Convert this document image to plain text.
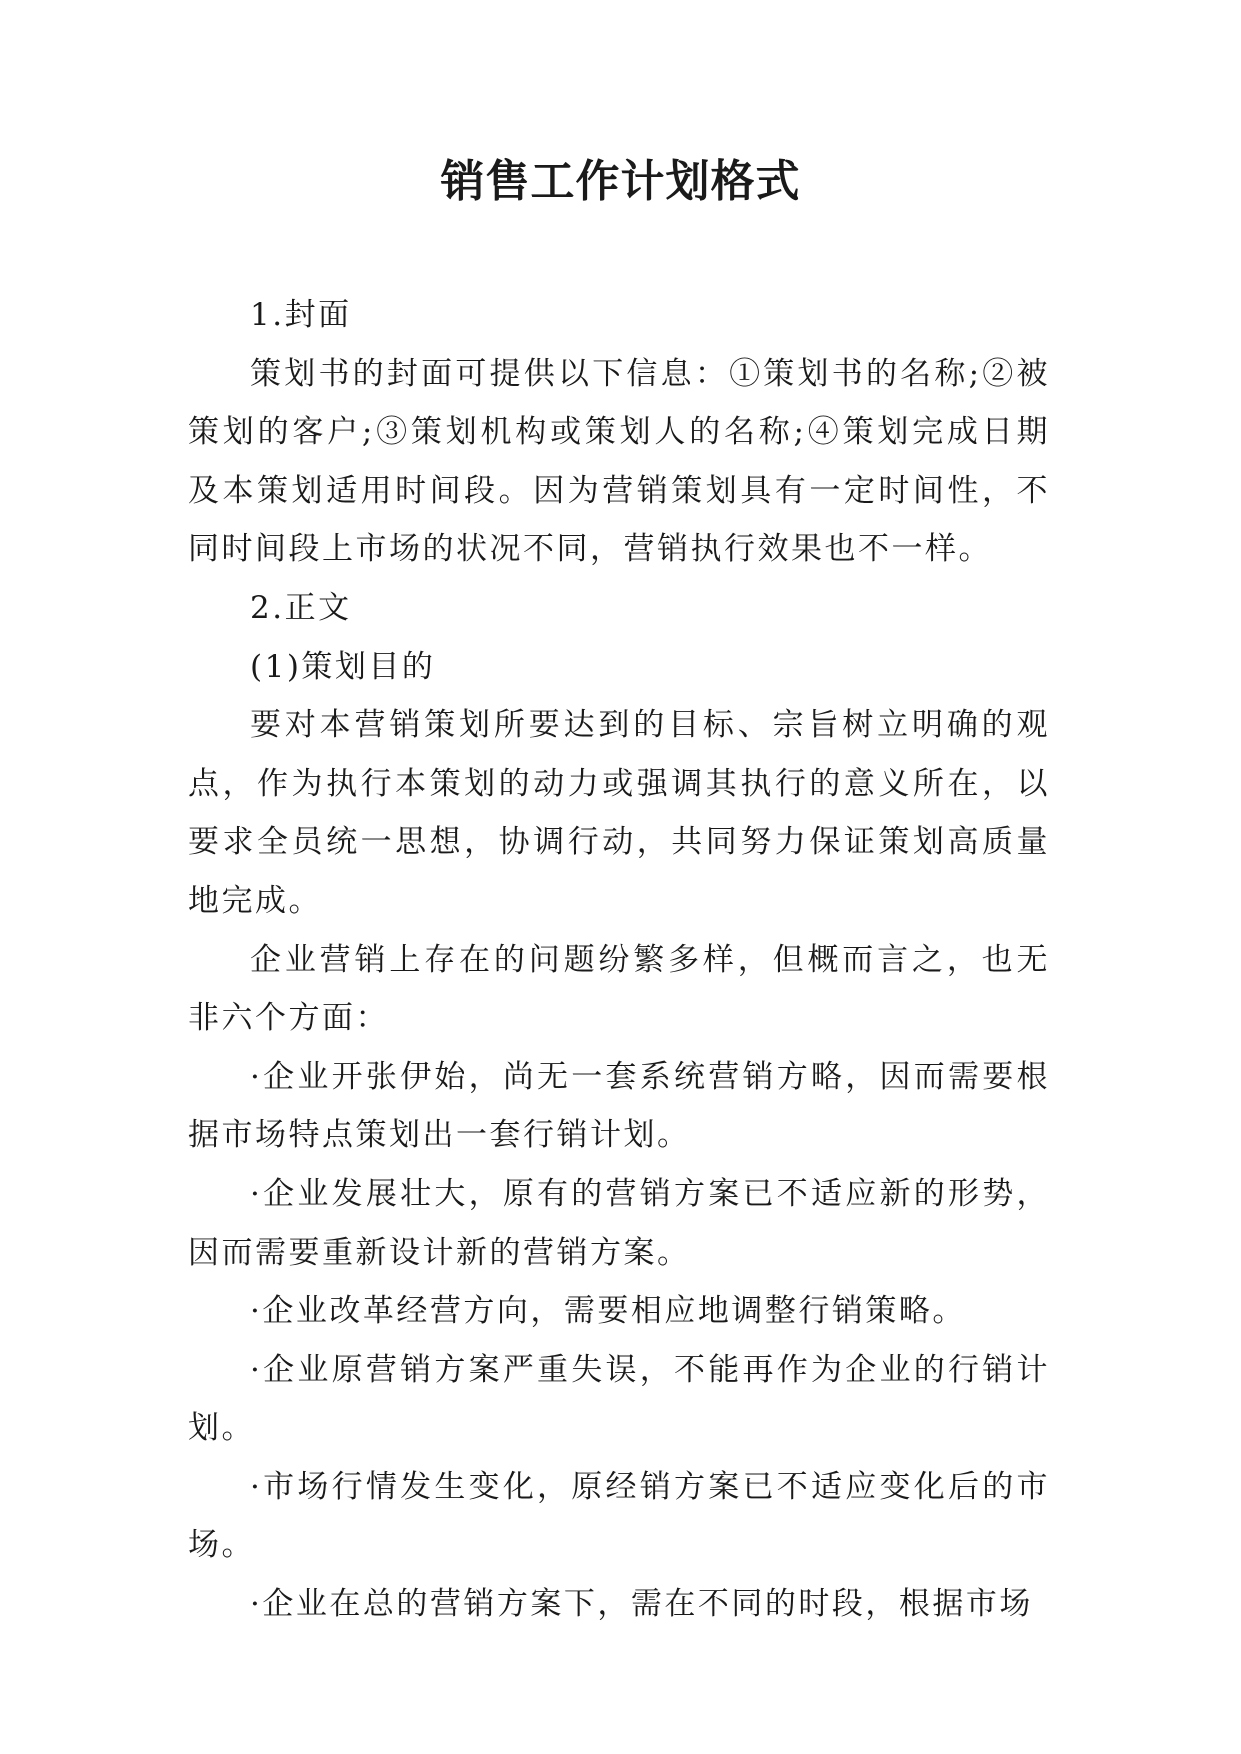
销售工作计划格式

1.封面

策划书的封面可提供以下信息：①策划书的名称;②被策划的客户;③策划机构或策划人的名称;④策划完成日期及本策划适用时间段。因为营销策划具有一定时间性，不同时间段上市场的状况不同，营销执行效果也不一样。

2.正文

(1)策划目的

要对本营销策划所要达到的目标、宗旨树立明确的观点，作为执行本策划的动力或强调其执行的意义所在，以要求全员统一思想，协调行动，共同努力保证策划高质量地完成。

企业营销上存在的问题纷繁多样，但概而言之，也无非六个方面：

·企业开张伊始，尚无一套系统营销方略，因而需要根据市场特点策划出一套行销计划。

·企业发展壮大，原有的营销方案已不适应新的形势，因而需要重新设计新的营销方案。

·企业改革经营方向，需要相应地调整行销策略。

·企业原营销方案严重失误，不能再作为企业的行销计划。

·市场行情发生变化，原经销方案已不适应变化后的市场。

·企业在总的营销方案下，需在不同的时段，根据市场
